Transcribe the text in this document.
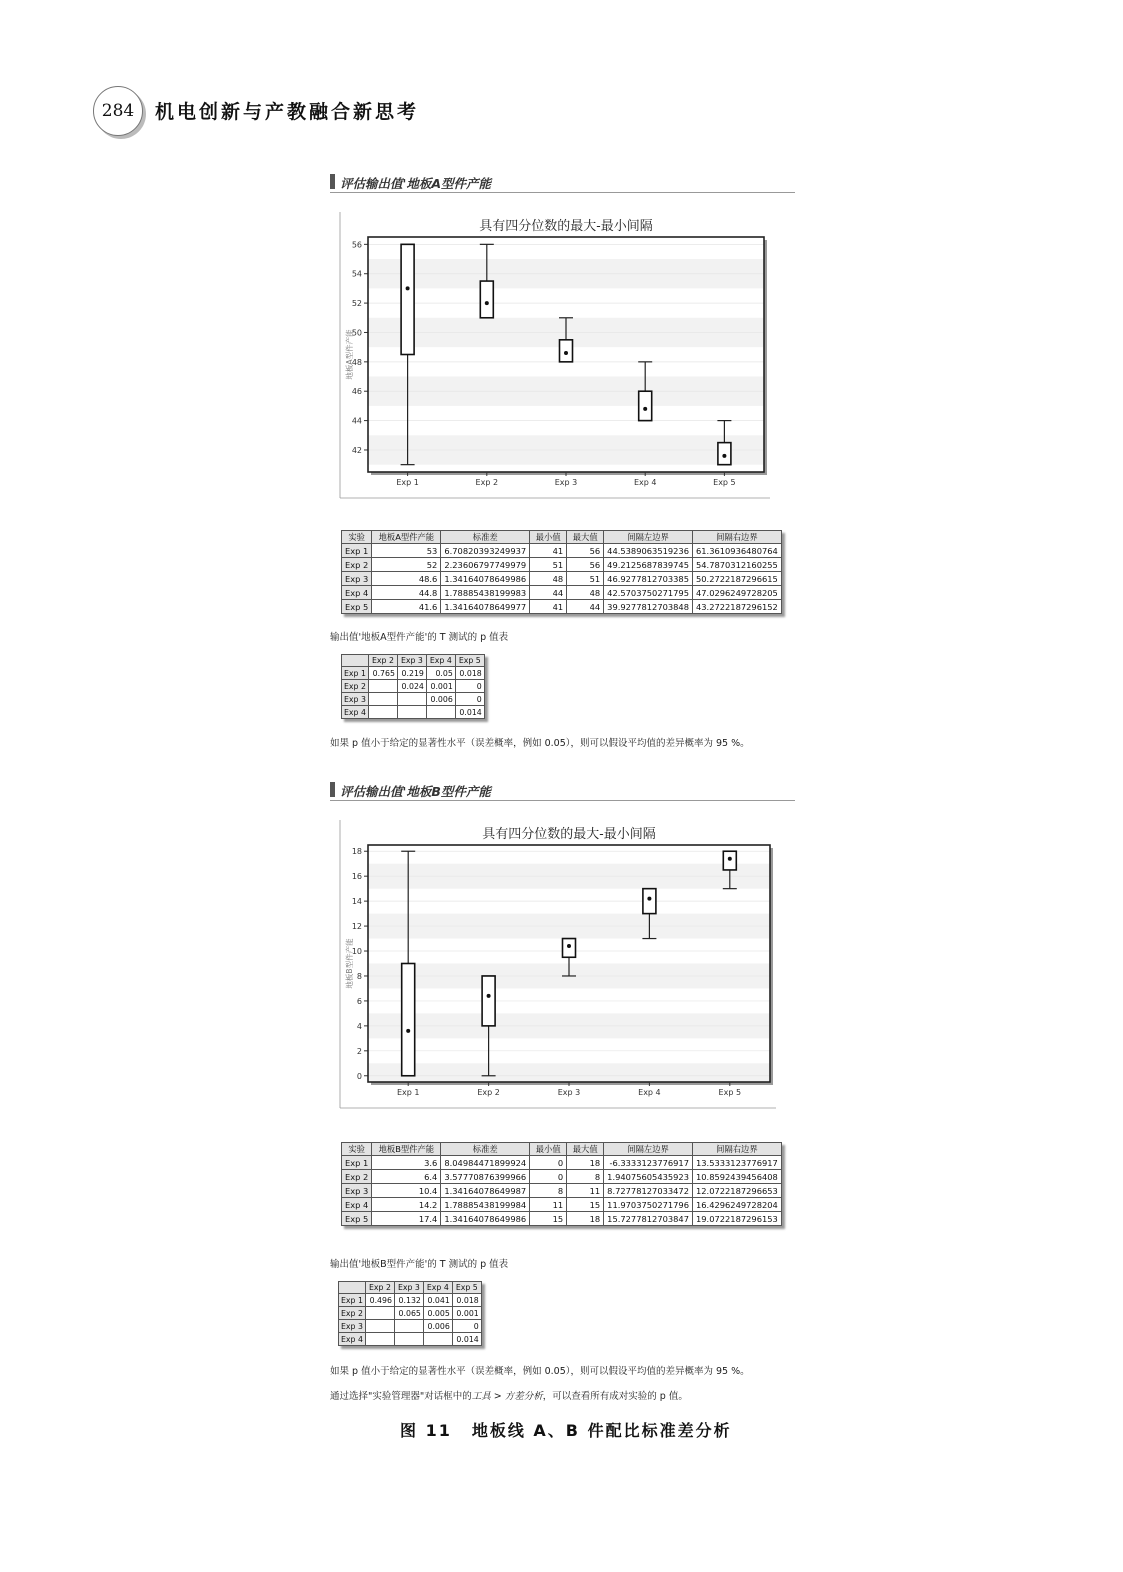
284 机电创新与产教融合新思考
评估输出值'地板A型件产能
42
44
46
48
50
52
54
56
地板A型件产能
具有四分位数的最大-最小间隔
Exp 1	Exp 2	Exp 3	Exp 4	Exp 5
实验	地板A型件产能	标准差	最小值	最大值	间隔左边界	间隔右边界
Exp 1	53	6.70820393249937	41	56	44.5389063519236	61.3610936480764
Exp 2	52	2.23606797749979	51	56	49.2125687839745	54.7870312160255
Exp 3	48.6	1.34164078649986	48	51	46.9277812703385	50.2722187296615
Exp 4	44.8	1.78885438199983	44	48	42.5703750271795	47.0296249728205
Exp 5	41.6	1.34164078649977	41	44	39.9277812703848	43.2722187296152
输出值'地板A型件产能'的 T 测试的 p 值表
	Exp 2	Exp 3	Exp 4	Exp 5
Exp 1	0.765	0.219	0.05	0.018
Exp 2		0.024	0.001	0
Exp 3			0.006	0
Exp 4				0.014
如果 p 值小于给定的显著性水平（误差概率，例如 0.05），则可以假设平均值的差异概率为 95 %。
评估输出值'地板B型件产能
0
2
4
6
8
10
12
14
16
18
地板B型件产能
具有四分位数的最大-最小间隔
Exp 1	Exp 2	Exp 3	Exp 4	Exp 5
实验	地板B型件产能	标准差	最小值	最大值	间隔左边界	间隔右边界
Exp 1	3.6	8.04984471899924	0	18	-6.3333123776917	13.5333123776917
Exp 2	6.4	3.57770876399966	0	8	1.94075605435923	10.8592439456408
Exp 3	10.4	1.34164078649987	8	11	8.72778127033472	12.0722187296653
Exp 4	14.2	1.78885438199984	11	15	11.9703750271796	16.4296249728204
Exp 5	17.4	1.34164078649986	15	18	15.7277812703847	19.0722187296153
输出值'地板B型件产能'的 T 测试的 p 值表
	Exp 2	Exp 3	Exp 4	Exp 5
Exp 1	0.496	0.132	0.041	0.018
Exp 2		0.065	0.005	0.001
Exp 3			0.006	0
Exp 4				0.014
如果 p 值小于给定的显著性水平（误差概率，例如 0.05），则可以假设平均值的差异概率为 95 %。
通过选择"实验管理器"对话框中的工具 > 方差分析，可以查看所有成对实验的 p 值。
图 11 地板线 A、B 件配比标准差分析
